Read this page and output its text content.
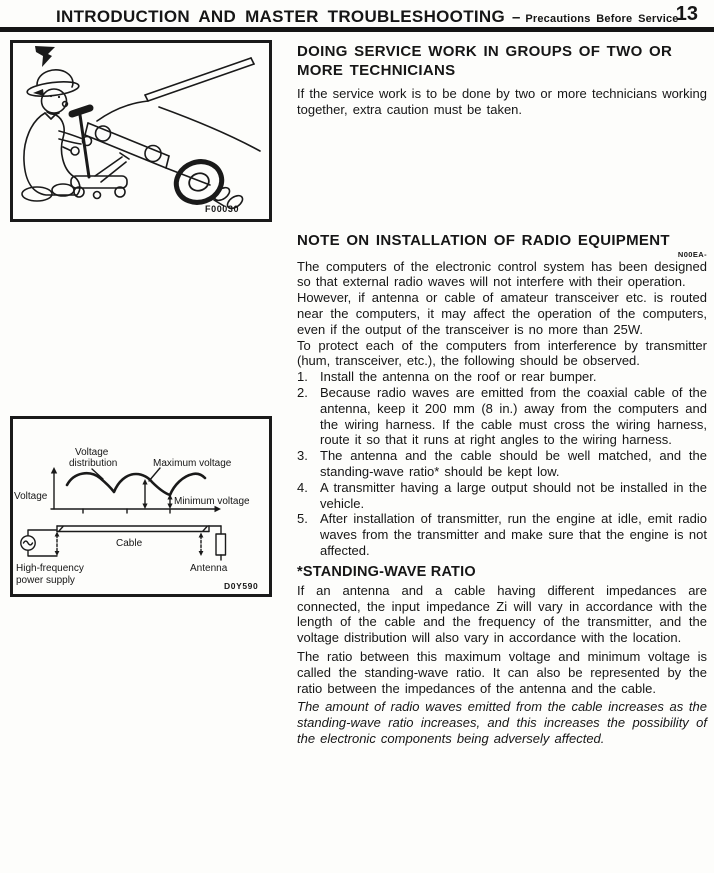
INTRODUCTION AND MASTER TROUBLESHOOTING – Precautions Before Service
13
F00030
Voltage
Voltage
distribution	Maximum voltage
Minimum voltage
Cable
High-frequency
power supply
Antenna
D0Y590
DOING SERVICE WORK IN GROUPS OF TWO OR MORE TECHNICIANS

If the service work is to be done by two or more technicians working together, extra caution must be taken.

NOTE ON INSTALLATION OF RADIO EQUIPMENT
N00EA-

The computers of the electronic control system has been designed so that external radio waves will not interfere with their operation.

However, if antenna or cable of amateur transceiver etc. is routed near the computers, it may affect the operation of the computers, even if the output of the transceiver is no more than 25W.

To protect each of the computers from interference by transmitter (hum, transceiver, etc.), the following should be observed.

1. Install the antenna on the roof or rear bumper.
2. Because radio waves are emitted from the coaxial cable of the antenna, keep it 200 mm (8 in.) away from the computers and the wiring harness. If the cable must cross the wiring harness, route it so that it runs at right angles to the wiring harness.
3. The antenna and the cable should be well matched, and the standing-wave ratio* should be kept low.
4. A transmitter having a large output should not be installed in the vehicle.
5. After installation of transmitter, run the engine at idle, emit radio waves from the transmitter and make sure that the engine is not affected.
*STANDING-WAVE RATIO

If an antenna and a cable having different impedances are connected, the input impedance Zi will vary in accordance with the length of the cable and the frequency of the transmitter, and the voltage distribution will also vary in accordance with the location.

The ratio between this maximum voltage and minimum voltage is called the standing-wave ratio. It can also be represented by the ratio between the impedances of the antenna and the cable.

The amount of radio waves emitted from the cable increases as the standing-wave ratio increases, and this increases the possibility of the electronic components being adversely affected.
